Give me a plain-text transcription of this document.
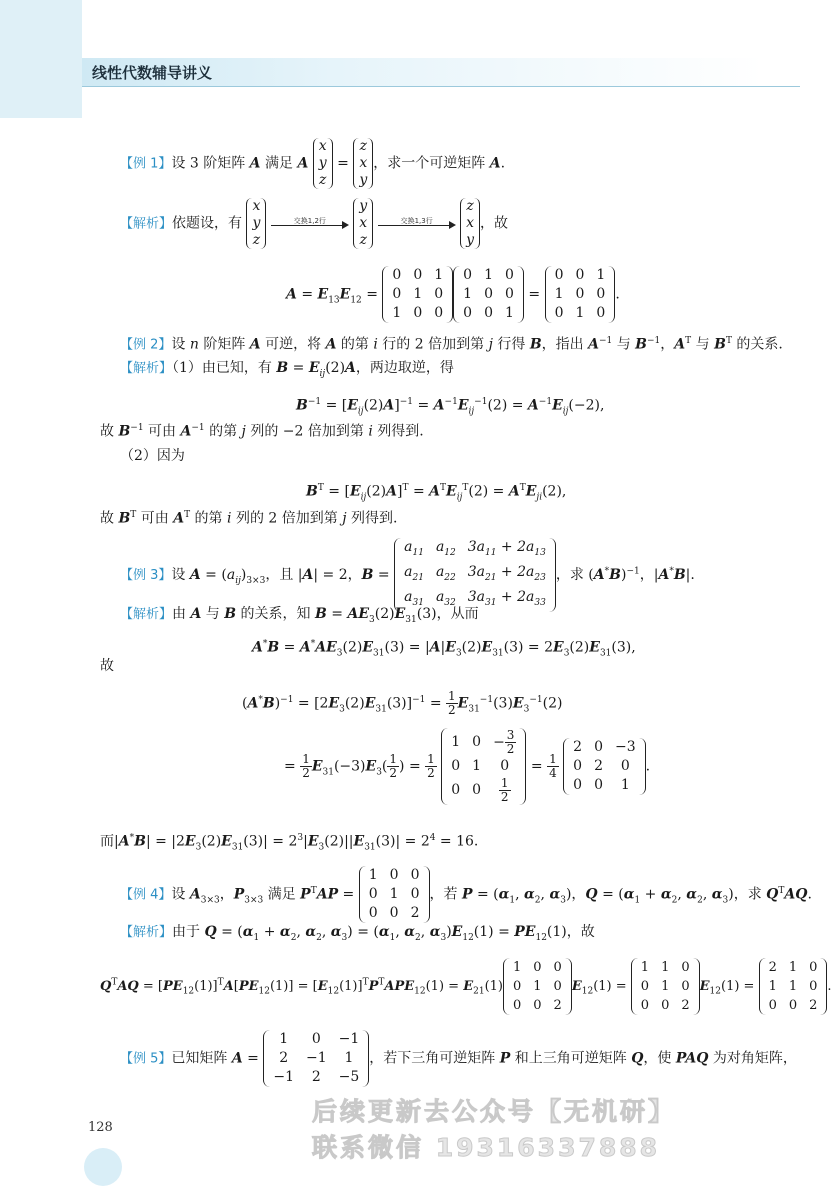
线性代数辅导讲义
【例 1】设 3 阶矩阵 A 满足 A x
y
z = z
x
y，求一个可逆矩阵 A.
【解析】依题设，有 x
y
z
交换1,2行
y
x
z
交换1,3行
z
x
y，故
$A = E_{13}E_{12}$ =
0	0	1
0	1	0
1	0	0
0	1	0
1	0	0
0	0	1
=
0	0	1
1	0	0
0	1	0
.
【例 2】设 n 阶矩阵 A 可逆，将 A 的第 i 行的 2 倍加到第 j 行得 B，指出 $A^{-1}$ 与 $B^{-1}$，$A^T$ 与 $B^T$ 的关系.
【解析】（1）由已知，有 $B = E_{ij}(2)A$，两边取逆，得
$B^{-1} = [E_{ij}(2)A]^{-1} = A^{-1}E_{ij}^{-1}(2) = A^{-1}E_{ij}(-2)$,
故 $B^{-1}$ 可由 $A^{-1}$ 的第 j 列的 −2 倍加到第 i 列得到.
（2）因为
$B^T = [E_{ij}(2)A]^T = A^TE_{ij}^T(2) = A^TE_{ji}(2)$,
故 $B^T$ 可由 $A^T$ 的第 i 列的 2 倍加到第 j 列得到.
【例 3】设 $A = (a_{ij})_{3\times 3}$，且 |A| = 2，B =
$a_{11}$	$a_{12}$	$3a_{11} + 2a_{13}$
$a_{21}$	$a_{22}$	$3a_{21} + 2a_{23}$
$a_{31}$	$a_{32}$	$3a_{31} + 2a_{33}$
，求 $(A^*B)^{-1}$，|A*B|.
【解析】由 A 与 B 的关系，知 $B = AE_3(2)E_{31}(3)$，从而
$A^*B = A^*AE_3(2)E_{31}(3) = |A|E_3(2)E_{31}(3) = 2E_3(2)E_{31}(3)$,
故
$(A^*B)^{-1} = [2E_3(2)E_{31}(3)]^{-1} = \frac{1}{2} E_{31}^{-1}(3)E_3^{-1}(2)$
= $\frac{1}{2} E_{31}(-3)E_3( \frac{1}{2}$ ) = $\frac{1}{2}$

1	0	− $\frac{3}{2}$

0	1	0
0	0	$\frac{1}{2}$
= $\frac{1}{4}$

2	0	−3
0	2	0
0	0	1
.
而$|A^*B| = |2E_3(2)E_{31}(3)| = 2^3|E_3(2)||E_{31}(3)| = 2^4 = 16$.
【例 4】设 $A_{3\times 3}$，$P_{3\times 3}$ 满足 $P^TAP$ =
1	0	0
0	1	0
0	0	2
，若 $P = (\alpha_1$, $\alpha_2$, $\alpha_3$)，$Q = (\alpha_1 + \alpha_2$, $\alpha_2$, $\alpha_3$)，求 $Q^TAQ$.
【解析】由于 $Q = (\alpha_1 + \alpha_2$, $\alpha_2$, $\alpha_3) = (\alpha_1$, $\alpha_2$, $\alpha_3)E_{12}(1) = PE_{12}(1)$，故
$Q^TAQ = [PE_{12}(1)]^TA[PE_{12}(1)] = [E_{12}(1)]^TP^TAPE_{12}(1) = E_{21}(1)$
1	0	0
0	1	0
0	0	2
$E_{12}(1)$ =
1	1	0
0	1	0
0	0	2
$E_{12}(1)$ =
2	1	0
1	1	0
0	0	2
.
【例 5】已知矩阵 A =
1	0	−1
2	−1	1
−1	2	−5
，若下三角可逆矩阵 P 和上三角可逆矩阵 Q，使 PAQ 为对角矩阵，
128
后续更新去公众号【无机研】
联系微信 19316337888
